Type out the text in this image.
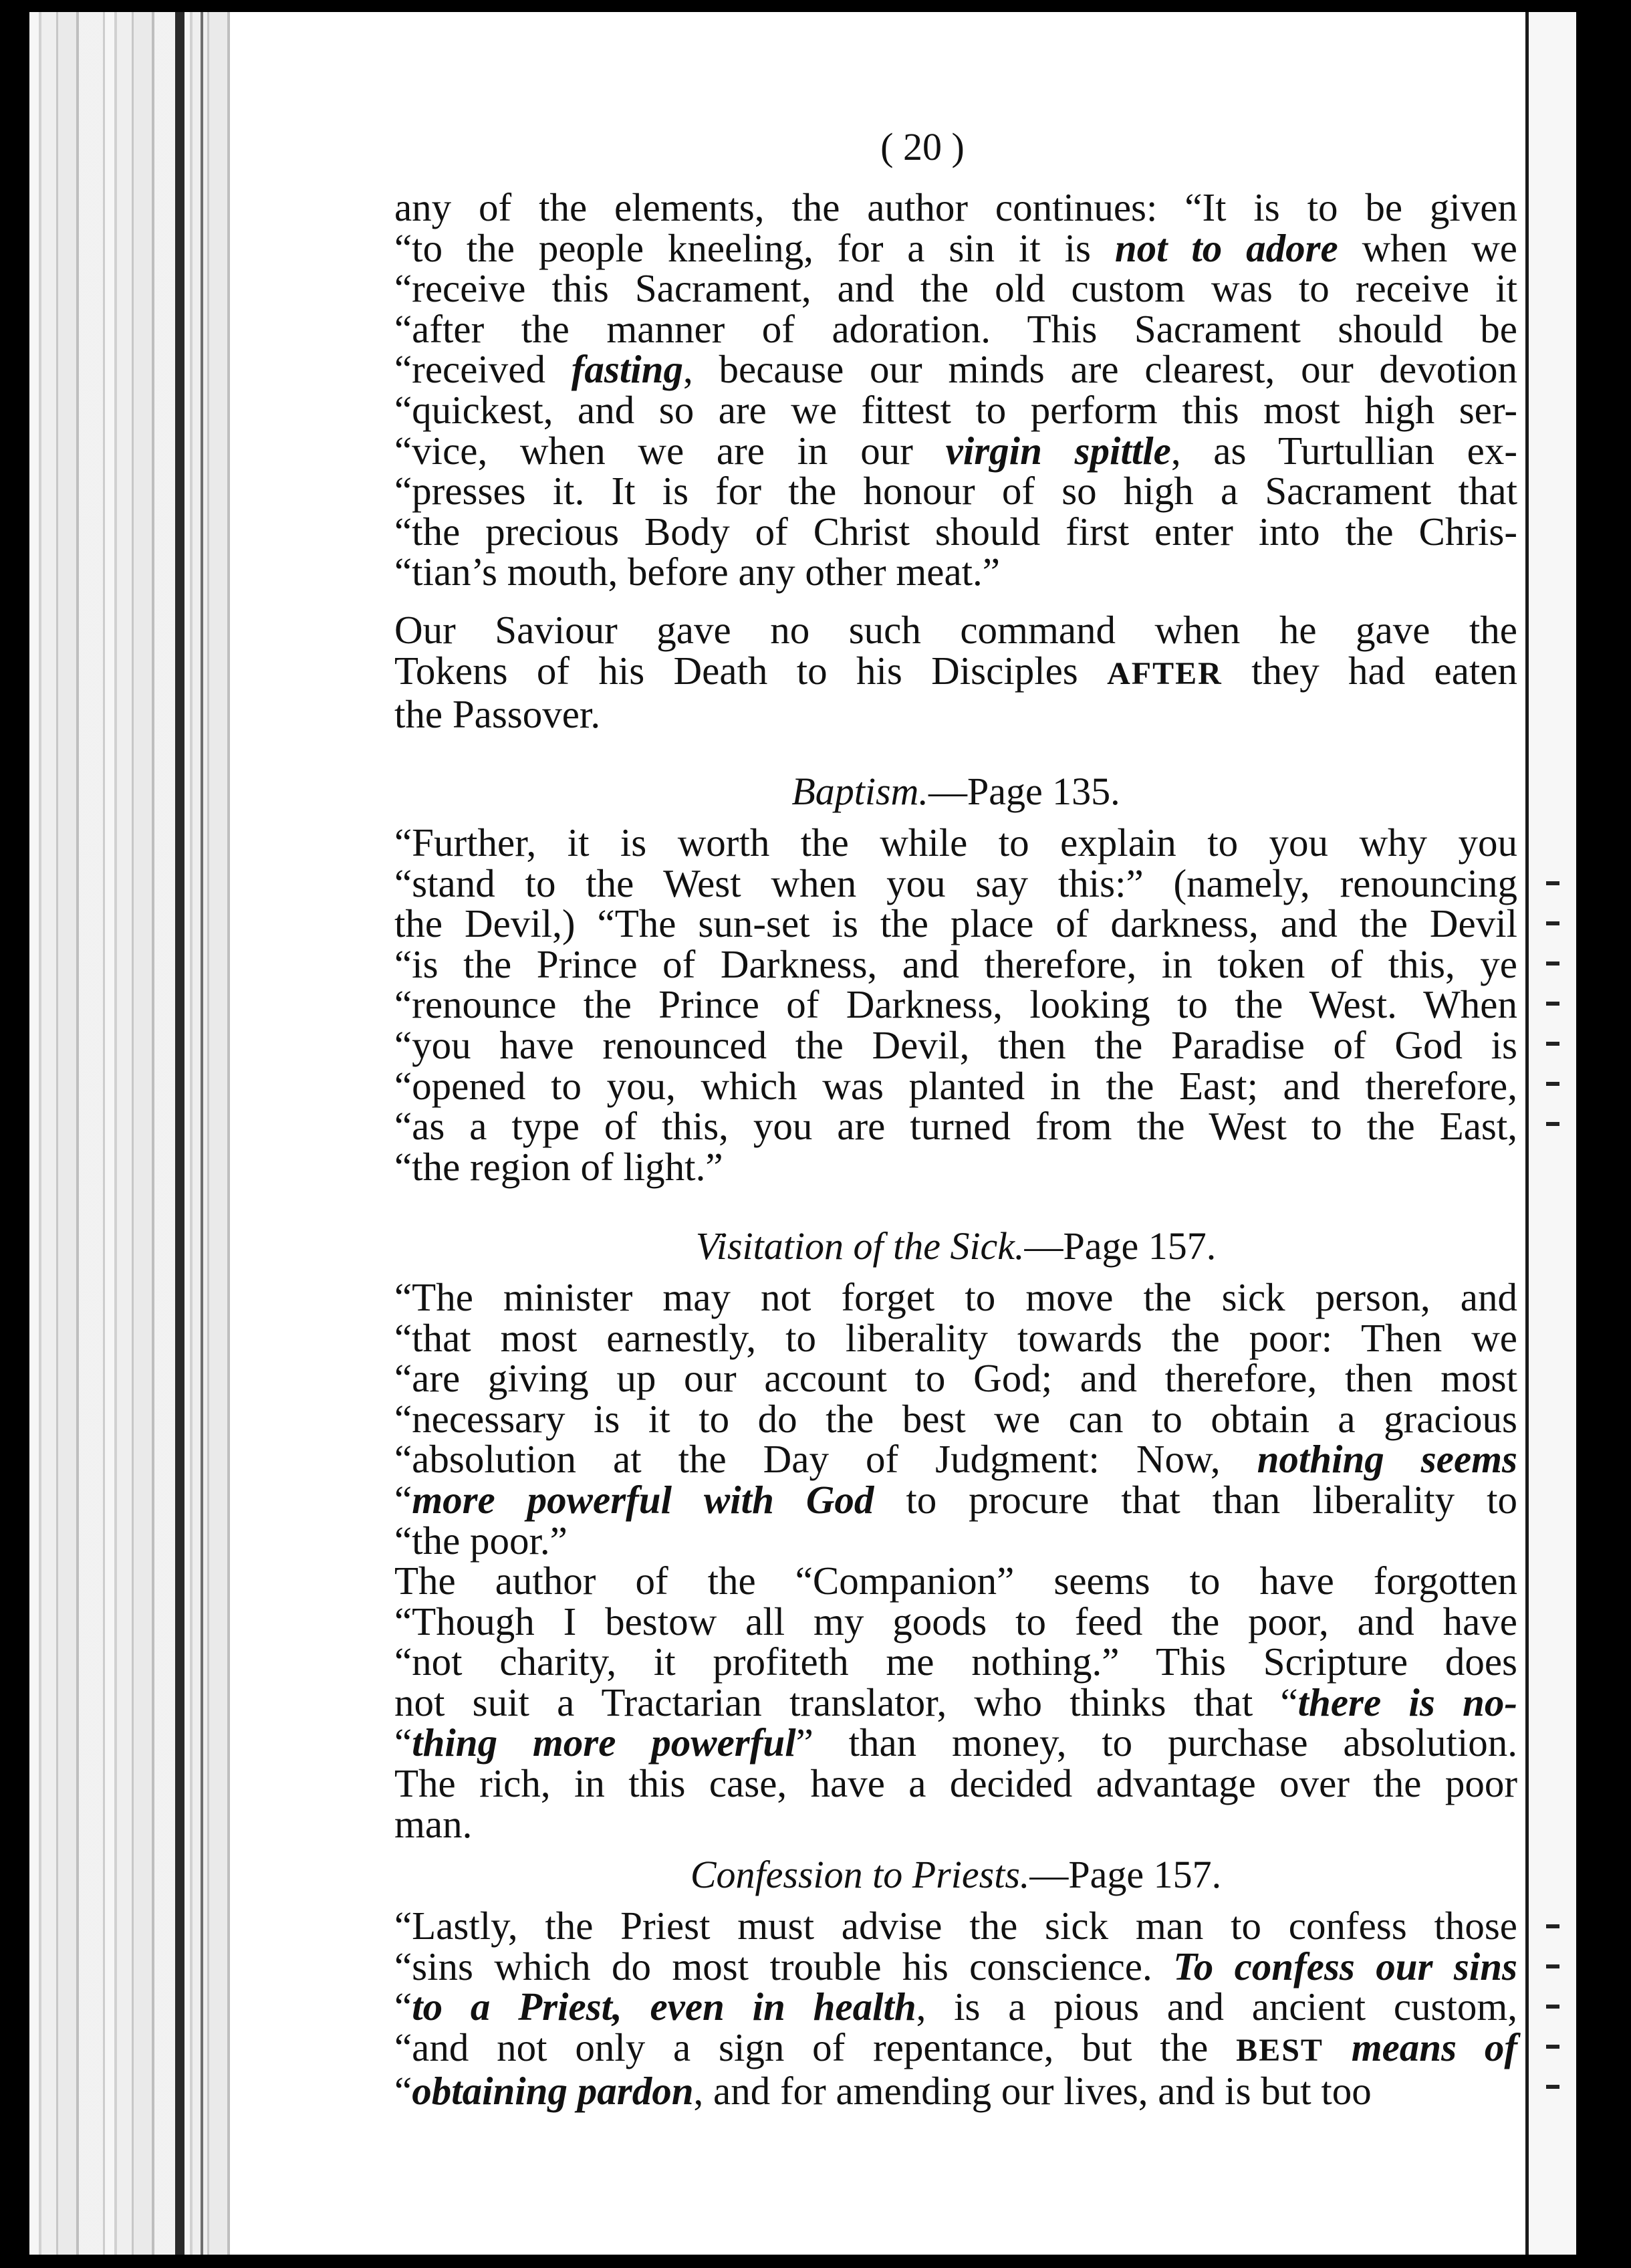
( 20 )
any of the elements, the author continues: “It is to be given
“to the people kneeling, for a sin it is not to adore when we
“receive this Sacrament, and the old custom was to receive it
“after the manner of adoration. This Sacrament should be
“received fasting, because our minds are clearest, our devotion
“quickest, and so are we fittest to perform this most high ser-
“vice, when we are in our virgin spittle, as Turtullian ex-
“presses it. It is for the honour of so high a Sacrament that
“the precious Body of Christ should first enter into the Chris-
“tian’s mouth, before any other meat.”
Our Saviour gave no such command when he gave the
Tokens of his Death to his Disciples AFTER they had eaten
the Passover.
Baptism.—Page 135.
“Further, it is worth the while to explain to you why you
“stand to the West when you say this:” (namely, renouncing
the Devil,) “The sun-set is the place of darkness, and the Devil
“is the Prince of Darkness, and therefore, in token of this, ye
“renounce the Prince of Darkness, looking to the West. When
“you have renounced the Devil, then the Paradise of God is
“opened to you, which was planted in the East; and therefore,
“as a type of this, you are turned from the West to the East,
“the region of light.”
Visitation of the Sick.—Page 157.
“The minister may not forget to move the sick person, and
“that most earnestly, to liberality towards the poor: Then we
“are giving up our account to God; and therefore, then most
“necessary is it to do the best we can to obtain a gracious
“absolution at the Day of Judgment: Now, nothing seems
“more powerful with God to procure that than liberality to
“the poor.”
The author of the “Companion” seems to have forgotten
“Though I bestow all my goods to feed the poor, and have
“not charity, it profiteth me nothing.” This Scripture does
not suit a Tractarian translator, who thinks that “there is no-
“thing more powerful” than money, to purchase absolution.
The rich, in this case, have a decided advantage over the poor
man.
Confession to Priests.—Page 157.
“Lastly, the Priest must advise the sick man to confess those
“sins which do most trouble his conscience. To confess our sins
“to a Priest, even in health, is a pious and ancient custom,
“and not only a sign of repentance, but the BEST means of
“obtaining pardon, and for amending our lives, and is but too
